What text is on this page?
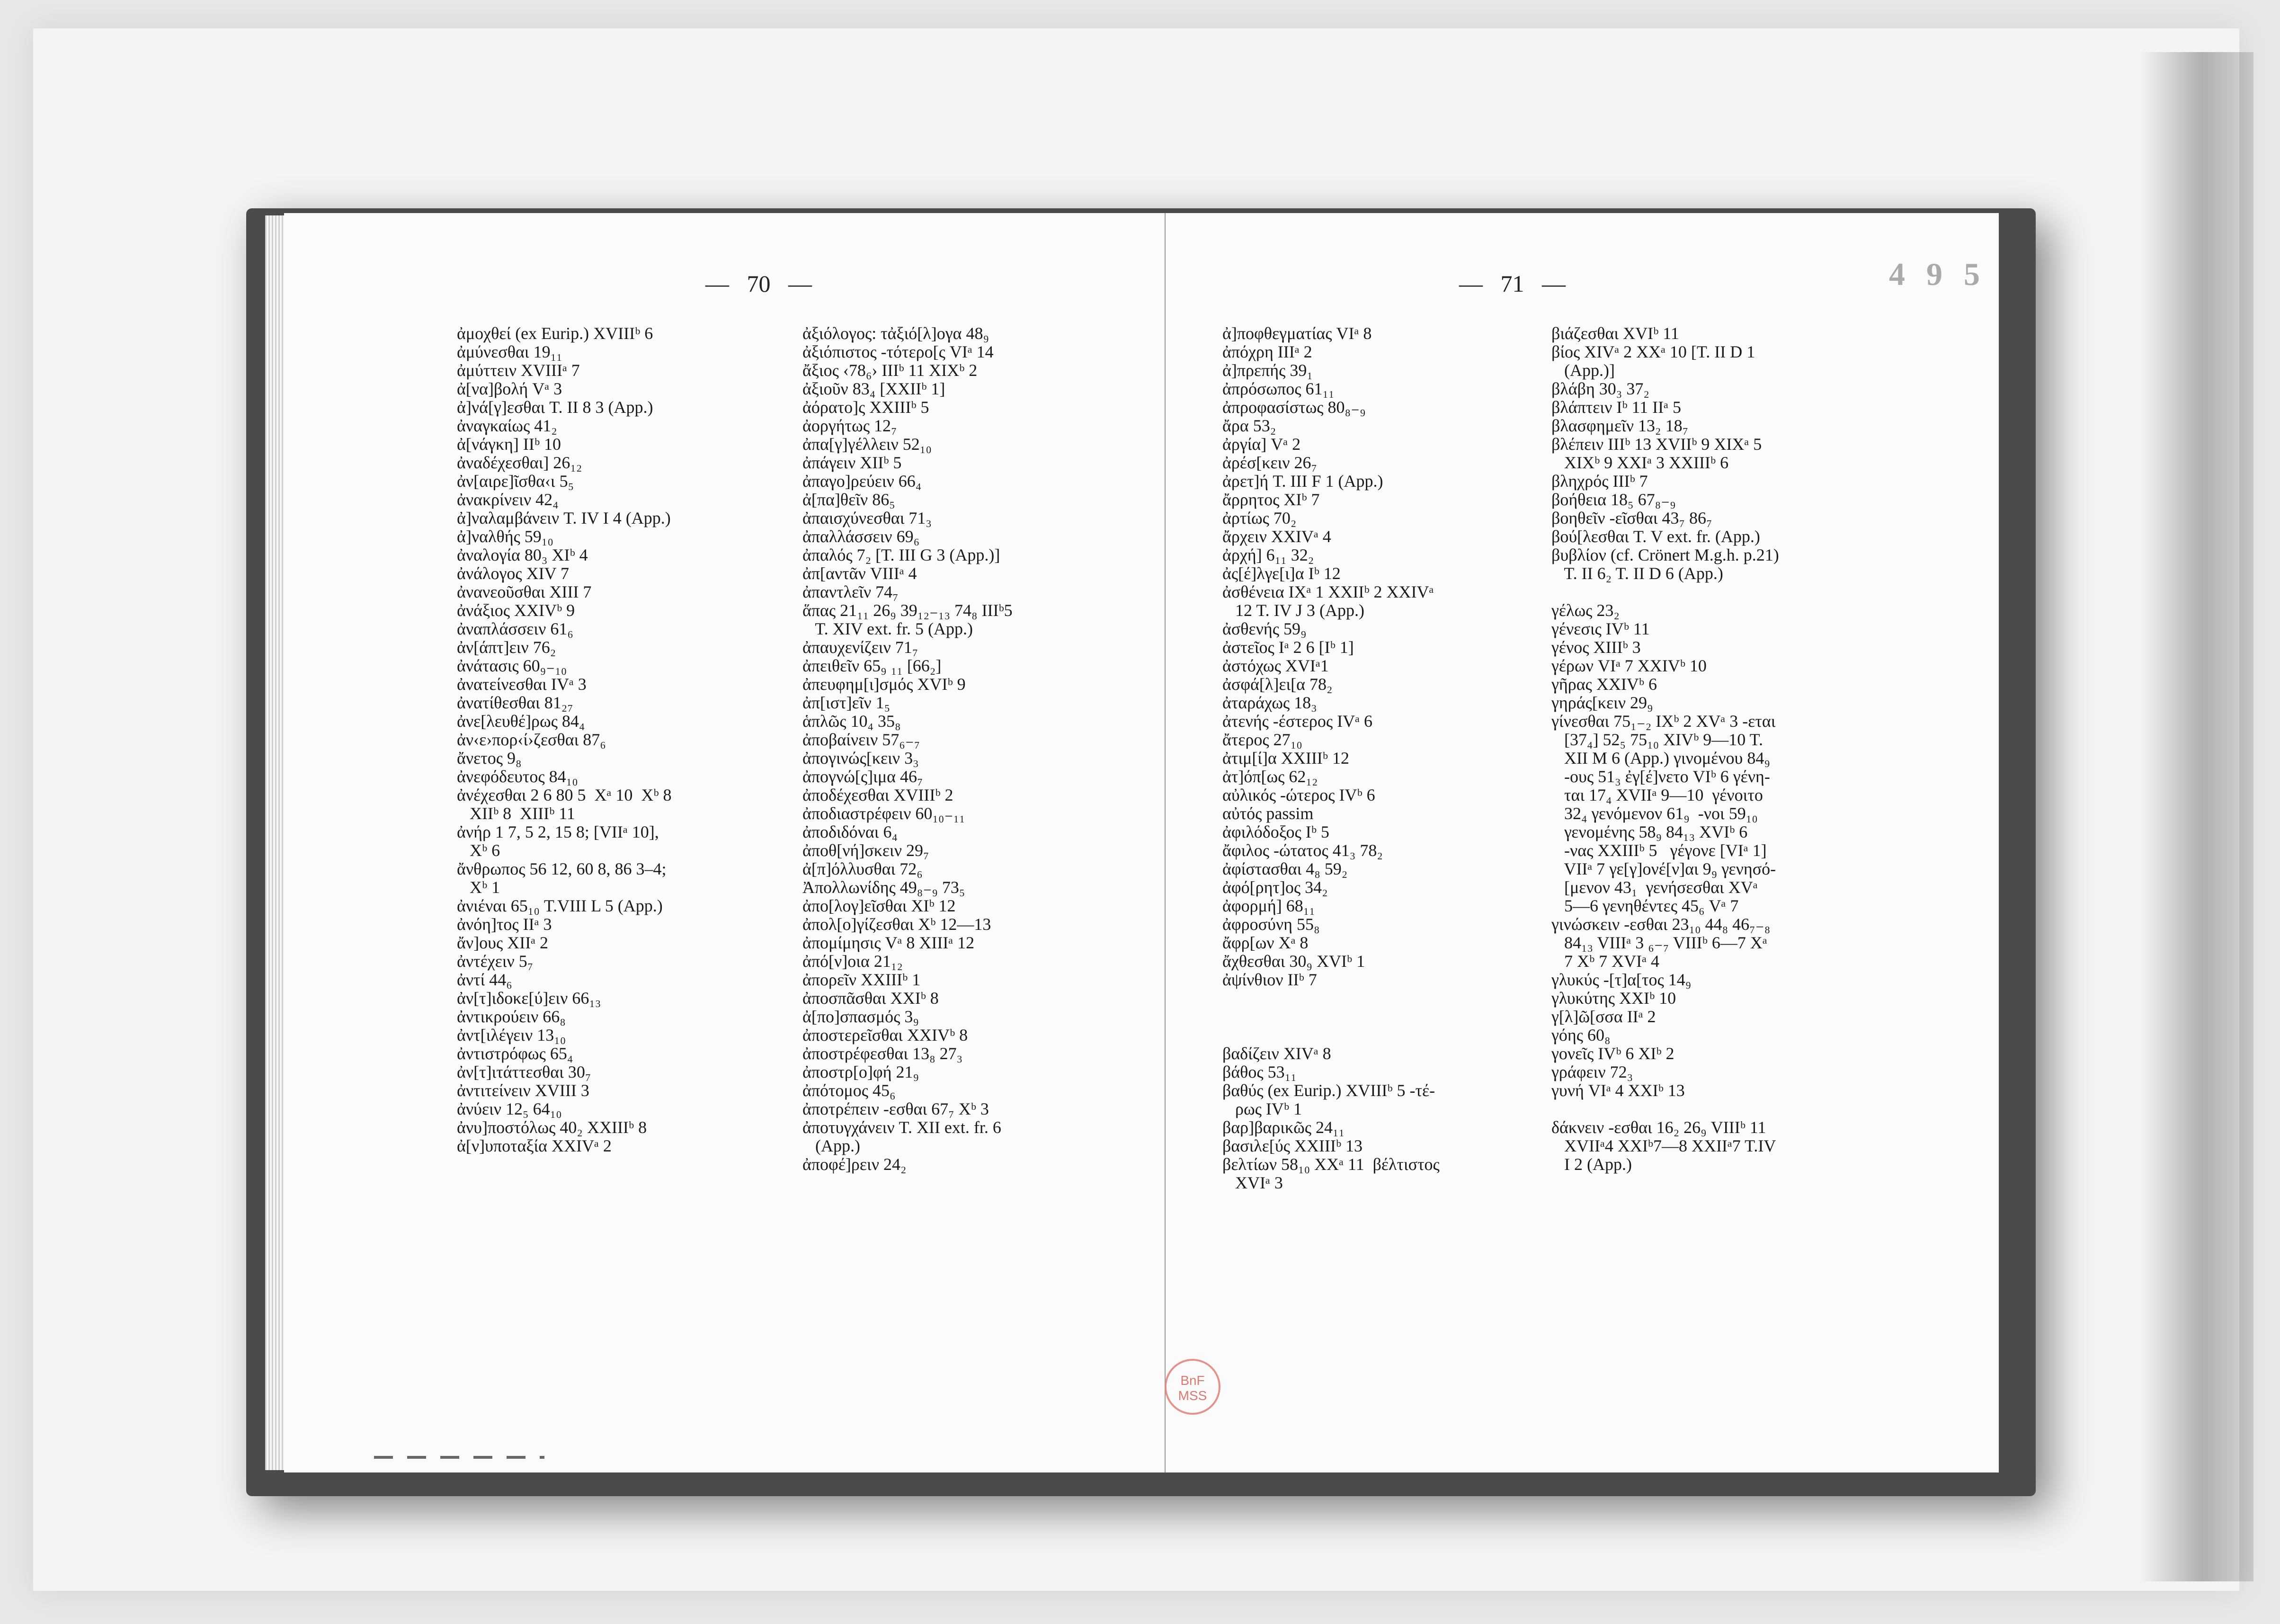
—   70   —
ἀμοχθεί (ex Eurip.) XVIIIᵇ 6
ἀμύνεσθαι 19₁₁
ἀμύττειν XVIIIᵃ 7
ἀ[να]βολή Vᵃ 3
ἀ]νά[γ]εσθαι T. II 8 3 (App.)
ἀναγκαίως 41₂
ἀ[νάγκη] IIᵇ 10
ἀναδέχεσθαι] 26₁₂
ἀν[αιρε]ῖσθα‹ι 5₅
ἀνακρίνειν 42₄
ἀ]ναλαμβάνειν T. IV I 4 (App.)
ἀ]ναλθής 59₁₀
ἀναλογία 80₃ XIᵇ 4
ἀνάλογος XIV 7
ἀνανεοῦσθαι XIII 7
ἀνάξιος XXIVᵇ 9
ἀναπλάσσειν 61₆
ἀν[άπτ]ειν 76₂
ἀνάτασις 60₉₋₁₀
ἀνατείνεσθαι IVᵃ 3
ἀνατίθεσθαι 81₂₇
ἀνε[λευθέ]ρως 84₄
ἀν‹ε›πορ‹ί›ζεσθαι 87₆
ἄνετος 9₈
ἀνεφόδευτος 84₁₀
ἀνέχεσθαι 2 6 80 5  Xᵃ 10  Xᵇ 8
XIIᵇ 8  XIIIᵇ 11
ἀνήρ 1 7, 5 2, 15 8; [VIIᵃ 10],
Xᵇ 6
ἄνθρωπος 56 12, 60 8, 86 3–4;
Xᵇ 1
ἀνιέναι 65₁₀ T.VIII L 5 (App.)
ἀνόη]τος IIᵃ 3
ἄν]ους XIIᵃ 2
ἀντέχειν 5₇
ἀντί 44₆
ἀν[τ]ιδοκε[ύ]ειν 66₁₃
ἀντικρούειν 66₈
ἀντ[ιλέγειν 13₁₀
ἀντιστρόφως 65₄
ἀν[τ]ιτάττεσθαι 30₇
ἀντιτείνειν XVIII 3
ἀνύειν 12₅ 64₁₀
ἀνυ]ποστόλως 40₂ XXIIIᵇ 8
ἀ[ν]υποταξία XXIVᵃ 2
ἀξιόλογος: τἀξιό[λ]ογα 48₉
ἀξιόπιστος -τότερο[ς VIᵃ 14
ἄξιος ‹78₆› IIIᵇ 11 XIXᵇ 2
ἀξιοῦν 83₄ [XXIIᵇ 1]
ἀόρατο]ς XXIIIᵇ 5
ἀοργήτως 12₇
ἀπα[γ]γέλλειν 52₁₀
ἀπάγειν XIIᵇ 5
ἀπαγο]ρεύειν 66₄
ἀ[πα]θεῖν 86₅
ἀπαισχύνεσθαι 71₃
ἀπαλλάσσειν 69₆
ἀπαλός 7₂ [T. III G 3 (App.)]
ἀπ[αντᾶν VIIIᵃ 4
ἀπαντλεῖν 74₇
ἅπας 21₁₁ 26₉ 39₁₂₋₁₃ 74₈ IIIᵇ5
T. XIV ext. fr. 5 (App.)
ἀπαυχενίζειν 71₇
ἀπειθεῖν 65₉ ₁₁ [66₂]
ἀπευφημ[ι]σμός XVIᵇ 9
ἀπ[ιστ]εῖν 1₅
ἁπλῶς 10₄ 35₈
ἀποβαίνειν 57₆₋₇
ἀπογινώς[κειν 3₃
ἀπογνώ[ς]ιμα 46₇
ἀποδέχεσθαι XVIIIᵇ 2
ἀποδιαστρέφειν 60₁₀₋₁₁
ἀποδιδόναι 6₄
ἀποθ[νή]σκειν 29₇
ἀ[π]όλλυσθαι 72₆
Ἀπολλωνίδης 49₈₋₉ 73₅
ἀπο[λογ]εῖσθαι XIᵇ 12
ἀπολ[ο]γίζεσθαι Xᵇ 12—13
ἀπομίμησις Vᵃ 8 XIIIᵃ 12
ἀπό[ν]οια 21₁₂
ἀπορεῖν XXIIIᵇ 1
ἀποσπᾶσθαι XXIᵇ 8
ἀ[πο]σπασμός 3₉
ἀποστερεῖσθαι XXIVᵇ 8
ἀποστρέφεσθαι 13₈ 27₃
ἀποστρ[ο]φή 21₉
ἀπότομος 45₆
ἀποτρέπειν -εσθαι 67₇ Xᵇ 3
ἀποτυγχάνειν T. XII ext. fr. 6
(App.)
ἀποφέ]ρειν 24₂
—   71   —
ἀ]ποφθεγματίας VIᵃ 8
ἀπόχρη IIIᵃ 2
ἀ]πρεπής 39₁
ἀπρόσωπος 61₁₁
ἀπροφασίστως 80₈₋₉
ἄρα 53₂
ἀργία] Vᵃ 2
ἀρέσ[κειν 26₇
ἀρετ]ή T. III F 1 (App.)
ἄρρητος XIᵇ 7
ἀρτίως 70₂
ἄρχειν XXIVᵃ 4
ἀρχή] 6₁₁ 32₂
ἀς[έ]λγε[ι]α Iᵇ 12
ἀσθένεια IXᵃ 1 XXIIᵇ 2 XXIVᵃ
12 T. IV J 3 (App.)
ἀσθενής 59₉
ἀστεῖος Iᵃ 2 6 [Iᵇ 1]
ἀστόχως XVIᵃ1
ἀσφά[λ]ει[α 78₂
ἀταράχως 18₃
ἀτενής -έστερος IVᵃ 6
ἄτερος 27₁₀
ἀτιμ[ί]α XXIIIᵇ 12
ἀτ]όπ[ως 62₁₂
αὐλικός -ώτερος IVᵇ 6
αὐτός passim
ἀφιλόδοξος Iᵇ 5
ἄφιλος -ώτατος 41₃ 78₂
ἀφίστασθαι 4₈ 59₂
ἀφό[ρητ]ος 34₂
ἀφορμή] 68₁₁
ἀφροσύνη 55₈
ἄφρ[ων Xᵃ 8
ἄχθεσθαι 30₉ XVIᵇ 1
ἀψίνθιον IIᵇ 7
βαδίζειν XIVᵃ 8
βάθος 53₁₁
βαθύς (ex Eurip.) XVIIIᵇ 5 -τέ-
ρως IVᵇ 1
βαρ]βαρικῶς 24₁₁
βασιλε[ύς XXIIIᵇ 13
βελτίων 58₁₀ XXᵃ 11  βέλτιστος
XVIᵃ 3
βιάζεσθαι XVIᵇ 11
βίος XIVᵃ 2 XXᵃ 10 [T. II D 1
(App.)]
βλάβη 30₃ 37₂
βλάπτειν Iᵇ 11 IIᵃ 5
βλασφημεῖν 13₂ 18₇
βλέπειν IIIᵇ 13 XVIIᵇ 9 XIXᵃ 5
XIXᵇ 9 XXIᵃ 3 XXIIIᵇ 6
βληχρός IIIᵇ 7
βοήθεια 18₅ 67₈₋₉
βοηθεῖν -εῖσθαι 43₇ 86₇
βού[λεσθαι T. V ext. fr. (App.)
βυβλίον (cf. Crönert M.g.h. p.21)
T. II 6₂ T. II D 6 (App.)
γέλως 23₂
γένεσις IVᵇ 11
γένος XIIIᵇ 3
γέρων VIᵃ 7 XXIVᵇ 10
γῆρας XXIVᵇ 6
γηράς[κειν 29₉
γίνεσθαι 75₁₋₂ IXᵇ 2 XVᵃ 3 -εται
[37₄] 52₅ 75₁₀ XIVᵇ 9—10 T.
XII M 6 (App.) γινομένου 84₉
-ους 51₃ ἐγ[έ]νετο VIᵇ 6 γένη-
ται 17₄ XVIIᵃ 9—10  γένοιτο
32₄ γενόμενον 61₉  -νοι 59₁₀
γενομένης 58₉ 84₁₃ XVIᵇ 6
-νας XXIIIᵇ 5   γέγονε [VIᵃ 1]
VIIᵃ 7 γε[γ]ονέ[ν]αι 9₉ γενησό-
[μενον 43₁  γενήσεσθαι XVᵃ
5—6 γενηθέντες 45₆ Vᵃ 7
γινώσκειν -εσθαι 23₁₀ 44₈ 46₇₋₈
84₁₃ VIIIᵃ 3 ₆₋₇ VIIIᵇ 6—7 Xᵃ
7 Xᵇ 7 XVIᵃ 4
γλυκύς -[τ]α[τος 14₉
γλυκύτης XXIᵇ 10
γ[λ]ῶ[σσα IIᵃ 2
γόης 60₈
γονεῖς IVᵇ 6 XIᵇ 2
γράφειν 72₃
γυνή VIᵃ 4 XXIᵇ 13
δάκνειν -εσθαι 16₂ 26₉ VIIIᵇ 11
XVIIᵃ4 XXIᵇ7—8 XXIIᵃ7 T.IV
I 2 (App.)
4 9 5
BnF
MSS
